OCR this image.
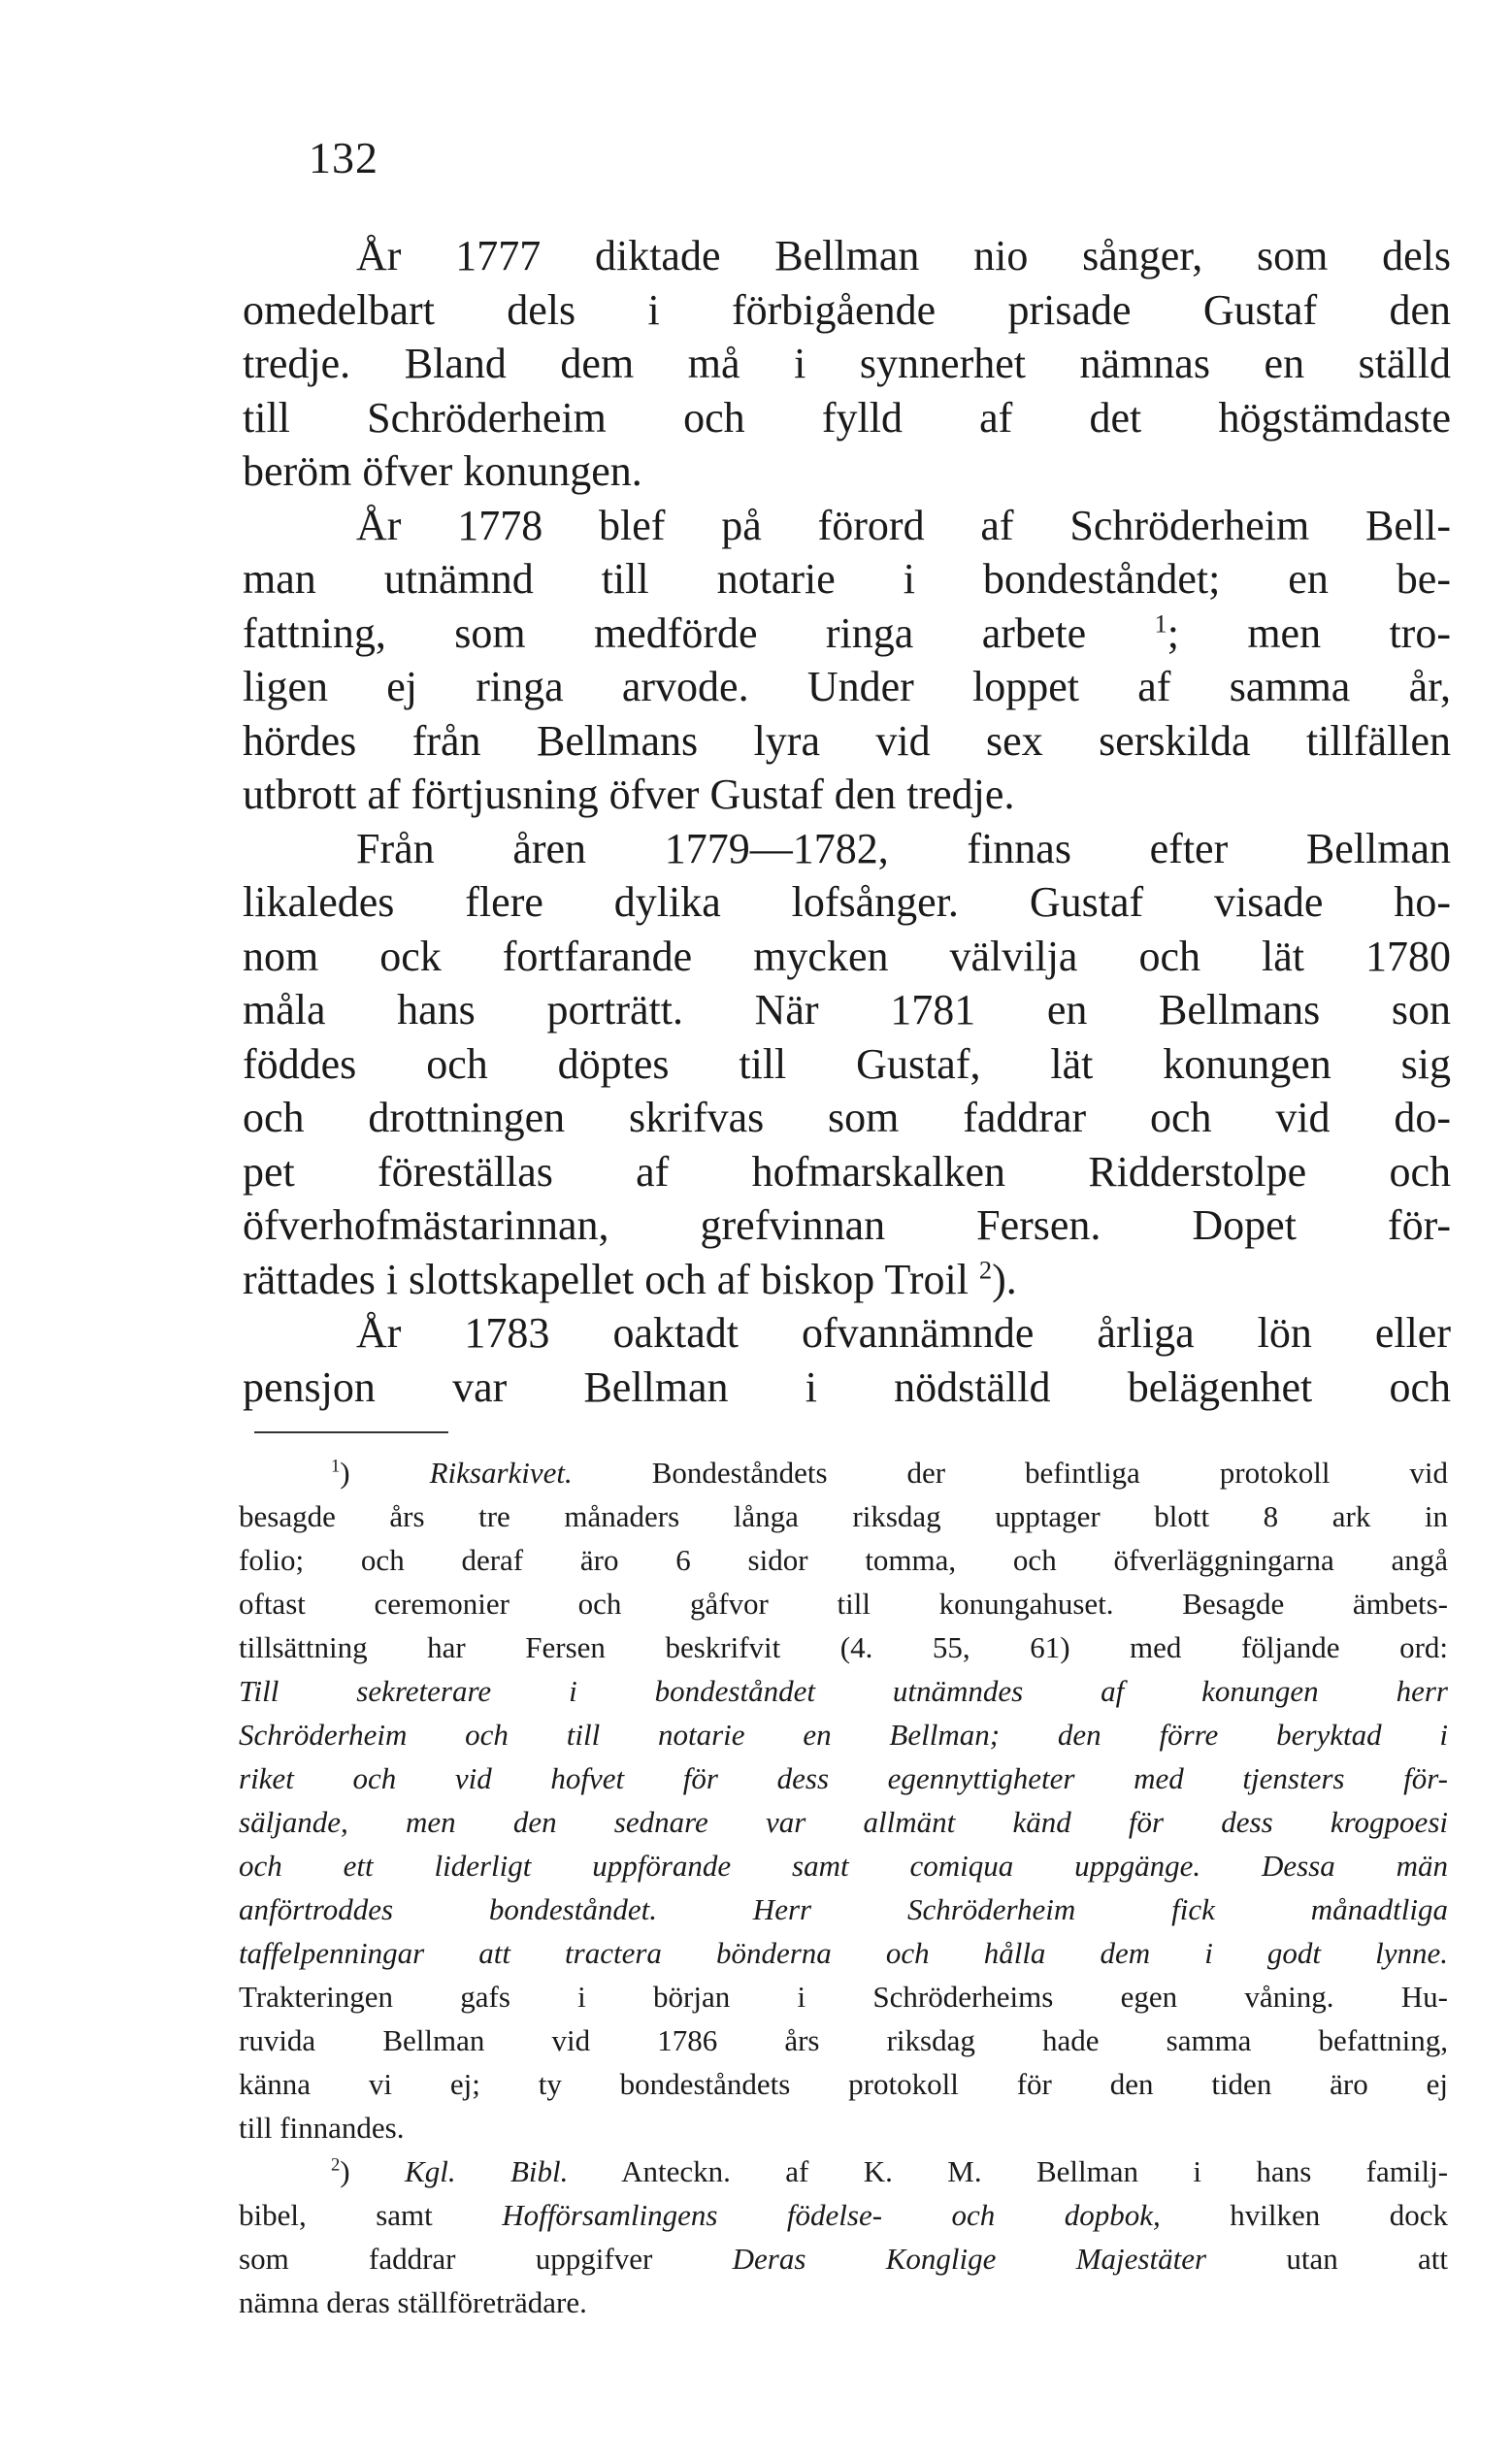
132
År 1777 diktade Bellman nio sånger, som dels
omedelbart dels i förbigående prisade Gustaf den
tredje. Bland dem må i synnerhet nämnas en ställd
till Schröderheim och fylld af det högstämdaste
beröm öfver konungen.
År 1778 blef på förord af Schröderheim Bell-
man utnämnd till notarie i bondeståndet; en be-
fattning, som medförde ringa arbete	$^1$; men tro-
ligen ej ringa arvode. Under loppet af samma år,
hördes från Bellmans lyra vid sex serskilda tillfällen
utbrott af förtjusning öfver Gustaf den tredje.
Från åren 1779—1782, finnas efter Bellman
likaledes flere dylika lofsånger. Gustaf visade ho-
nom ock fortfarande mycken välvilja och lät 1780
måla hans porträtt. När 1781 en Bellmans son
föddes och döptes till Gustaf, lät konungen sig
och drottningen skrifvas som faddrar och vid do-
pet föreställas af hofmarskalken Ridderstolpe och
öfverhofmästarinnan, grefvinnan Fersen. Dopet för-
rättades i slottskapellet och af biskop Troil $^2$).
År 1783 oaktadt ofvannämnde årliga lön eller
pensjon var Bellman i nödställd belägenhet och
$^1$)	Riksarkivet.	Bondeståndets der befintliga protokoll vid
besagde års tre månaders långa riksdag upptager blott 8 ark in
folio; och deraf äro 6 sidor tomma, och öfverläggningarna angå
oftast ceremonier och gåfvor till konungahuset. Besagde ämbets-
tillsättning har Fersen beskrifvit (4. 55, 61) med följande ord:
Till sekreterare i bondeståndet utnämndes af konungen herr
Schröderheim och till notarie en Bellman; den förre beryktad i
riket och vid hofvet för dess egennyttigheter med tjensters för-
säljande, men den sednare var allmänt känd för dess krogpoesi
och ett liderligt uppförande samt comiqua uppgänge. Dessa män
anförtroddes bondeståndet. Herr Schröderheim fick månadtliga
taffelpenningar att tractera bönderna och hålla dem i godt lynne.
Trakteringen gafs i början i Schröderheims egen våning. Hu-
ruvida Bellman vid 1786 års riksdag hade samma befattning,
känna vi ej; ty bondeståndets protokoll för den tiden äro ej
till finnandes.
$^2$) Kgl. Bibl. Anteckn. af K. M. Bellman i hans familj-
bibel, samt Hofförsamlingens födelse- och dopbok, hvilken dock
som faddrar uppgifver	Deras Konglige Majestäter	utan att
nämna deras ställföreträdare.
